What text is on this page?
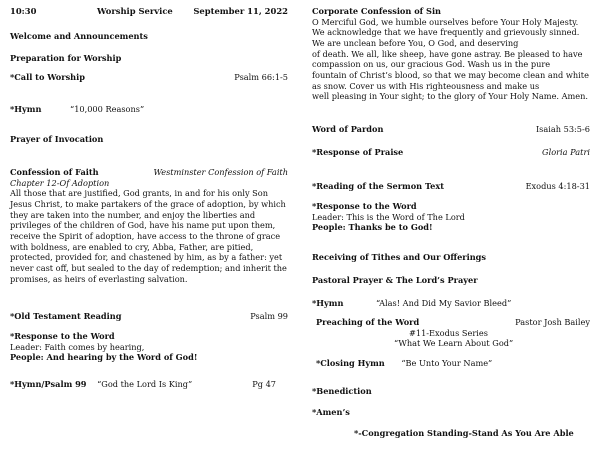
10:30	Worship Service September 11, 2022
Welcome and Announcements
Preparation for Worship
*Call to Worship	Psalm 66:1-5
*Hymn	“10,000 Reasons”
Prayer of Invocation
Confession of Faith	Westminster Confession of Faith
Chapter 12-Of Adoption
All those that are justified, God grants, in and for his only Son
Jesus Christ, to make partakers of the grace of adoption, by which
they are taken into the number, and enjoy the liberties and
privileges of the children of God, have his name put upon them,
receive the Spirit of adoption, have access to the throne of grace
with boldness, are enabled to cry, Abba, Father, are pitied,
protected, provided for, and chastened by him, as by a father: yet
never cast off, but sealed to the day of redemption; and inherit the
promises, as heirs of everlasting salvation.
*Old Testament Reading	Psalm 99
*Response to the Word
Leader: Faith comes by hearing,
People: And hearing by the Word of God!
*Hymn/Psalm 99 “God the Lord Is King”	Pg 47
Corporate Confession of Sin
O Merciful God, we humble ourselves before Your Holy Majesty.
We acknowledge that we have frequently and grievously sinned.
We are unclean before You, O God, and deserving
of death. We all, like sheep, have gone astray. Be pleased to have
compassion on us, our gracious God. Wash us in the pure
fountain of Christ’s blood, so that we may become clean and white
as snow. Cover us with His righteousness and make us
well pleasing in Your sight; to the glory of Your Holy Name. Amen.
Word of Pardon	Isaiah 53:5-6
*Response of Praise	Gloria Patri
*Reading of the Sermon Text	Exodus 4:18-31
*Response to the Word
Leader: This is the Word of The Lord
People: Thanks be to God!
Receiving of Tithes and Our Offerings
Pastoral Prayer & The Lord’s Prayer
*Hymn	“Alas! And Did My Savior Bleed”
Preaching of the Word	Pastor Josh Bailey
#11-Exodus Series
“What We Learn About God”
*Closing Hymn “Be Unto Your Name”
*Benediction
*Amen’s
*-Congregation Standing-Stand As You Are Able
